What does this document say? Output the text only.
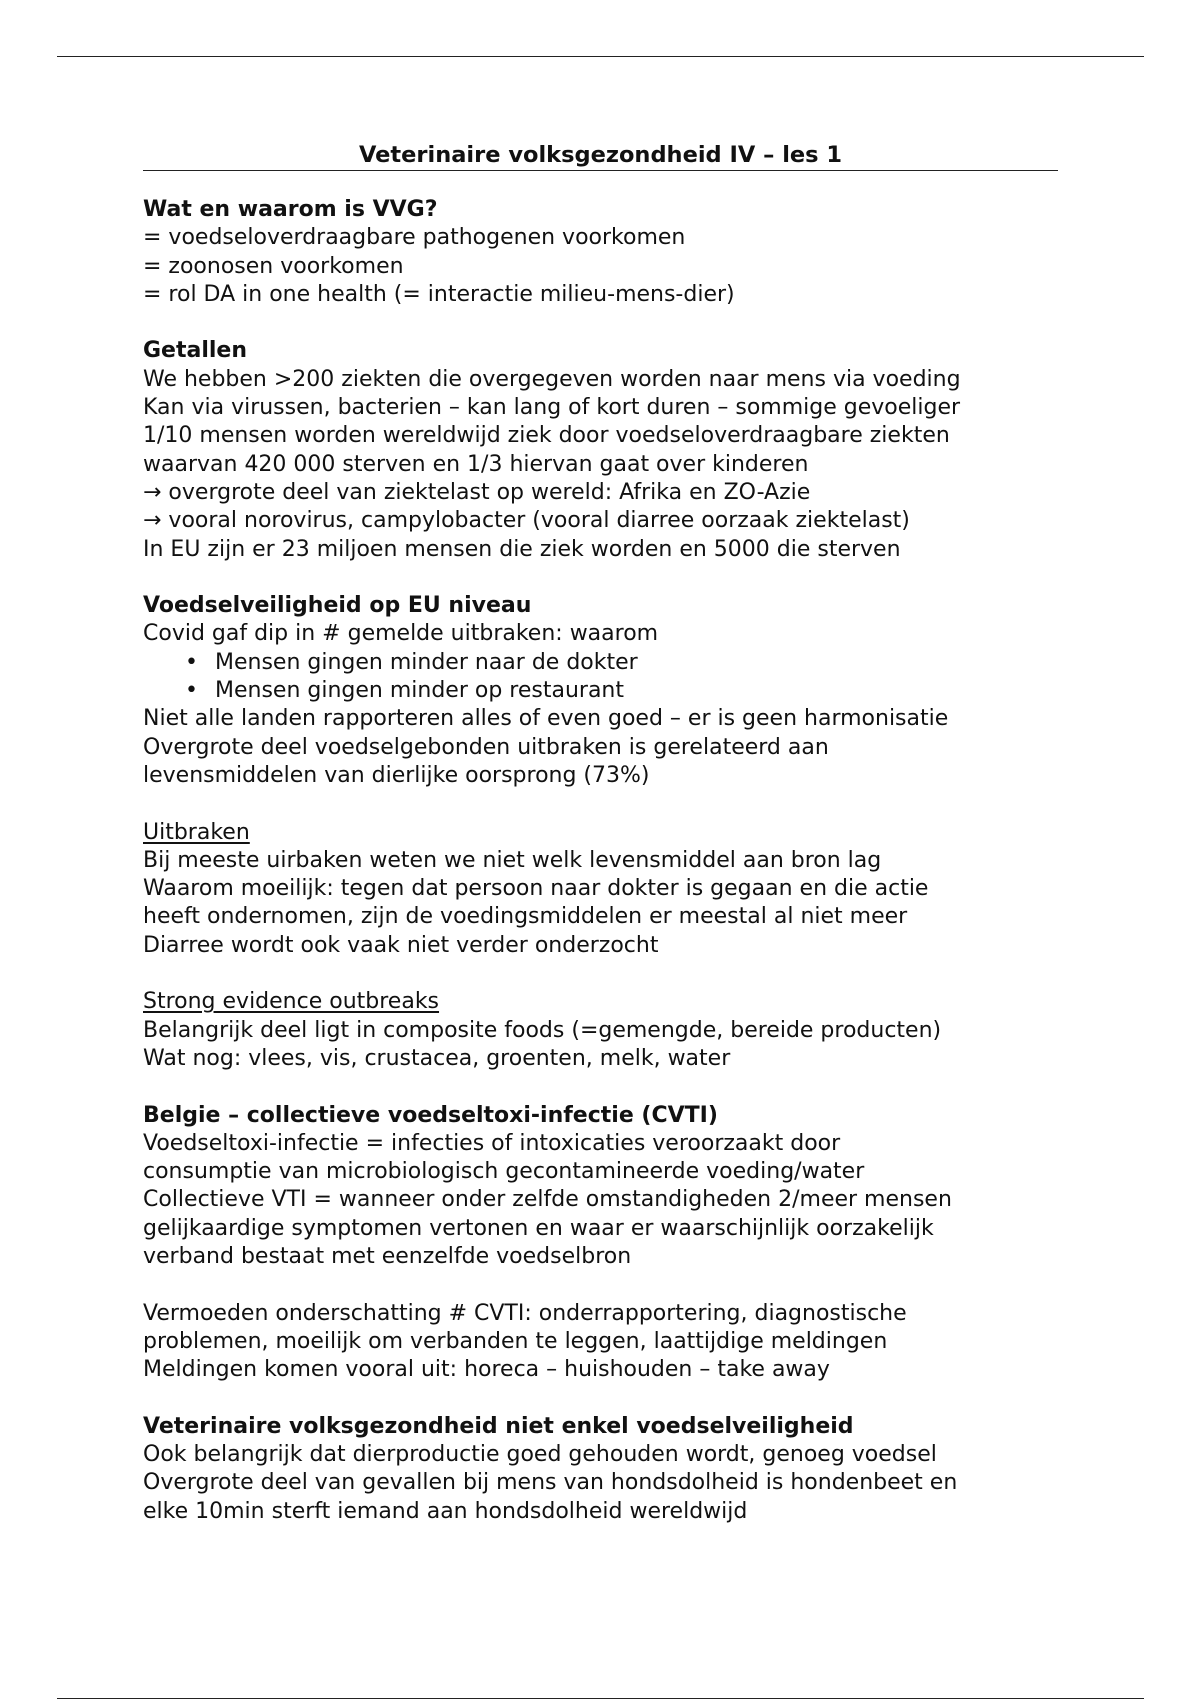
Veterinaire volksgezondheid IV – les 1
Wat en waarom is VVG?
= voedseloverdraagbare pathogenen voorkomen
= zoonosen voorkomen
= rol DA in one health (= interactie milieu-mens-dier)
Getallen
We hebben >200 ziekten die overgegeven worden naar mens via voeding
Kan via virussen, bacterien – kan lang of kort duren – sommige gevoeliger
1/10 mensen worden wereldwijd ziek door voedseloverdraagbare ziekten
waarvan 420 000 sterven en 1/3 hiervan gaat over kinderen
→ overgrote deel van ziektelast op wereld: Afrika en ZO-Azie
→ vooral norovirus, campylobacter (vooral diarree oorzaak ziektelast)
In EU zijn er 23 miljoen mensen die ziek worden en 5000 die sterven
Voedselveiligheid op EU niveau
Covid gaf dip in # gemelde uitbraken: waarom
• Mensen gingen minder naar de dokter
• Mensen gingen minder op restaurant
Niet alle landen rapporteren alles of even goed – er is geen harmonisatie
Overgrote deel voedselgebonden uitbraken is gerelateerd aan
levensmiddelen van dierlijke oorsprong (73%)
Uitbraken
Bij meeste uirbaken weten we niet welk levensmiddel aan bron lag
Waarom moeilijk: tegen dat persoon naar dokter is gegaan en die actie
heeft ondernomen, zijn de voedingsmiddelen er meestal al niet meer
Diarree wordt ook vaak niet verder onderzocht
Strong evidence outbreaks
Belangrijk deel ligt in composite foods (=gemengde, bereide producten)
Wat nog: vlees, vis, crustacea, groenten, melk, water
Belgie – collectieve voedseltoxi-infectie (CVTI)
Voedseltoxi-infectie = infecties of intoxicaties veroorzaakt door
consumptie van microbiologisch gecontamineerde voeding/water
Collectieve VTI = wanneer onder zelfde omstandigheden 2/meer mensen
gelijkaardige symptomen vertonen en waar er waarschijnlijk oorzakelijk
verband bestaat met eenzelfde voedselbron
Vermoeden onderschatting # CVTI: onderrapportering, diagnostische
problemen, moeilijk om verbanden te leggen, laattijdige meldingen
Meldingen komen vooral uit: horeca – huishouden – take away
Veterinaire volksgezondheid niet enkel voedselveiligheid
Ook belangrijk dat dierproductie goed gehouden wordt, genoeg voedsel
Overgrote deel van gevallen bij mens van hondsdolheid is hondenbeet en
elke 10min sterft iemand aan hondsdolheid wereldwijd
